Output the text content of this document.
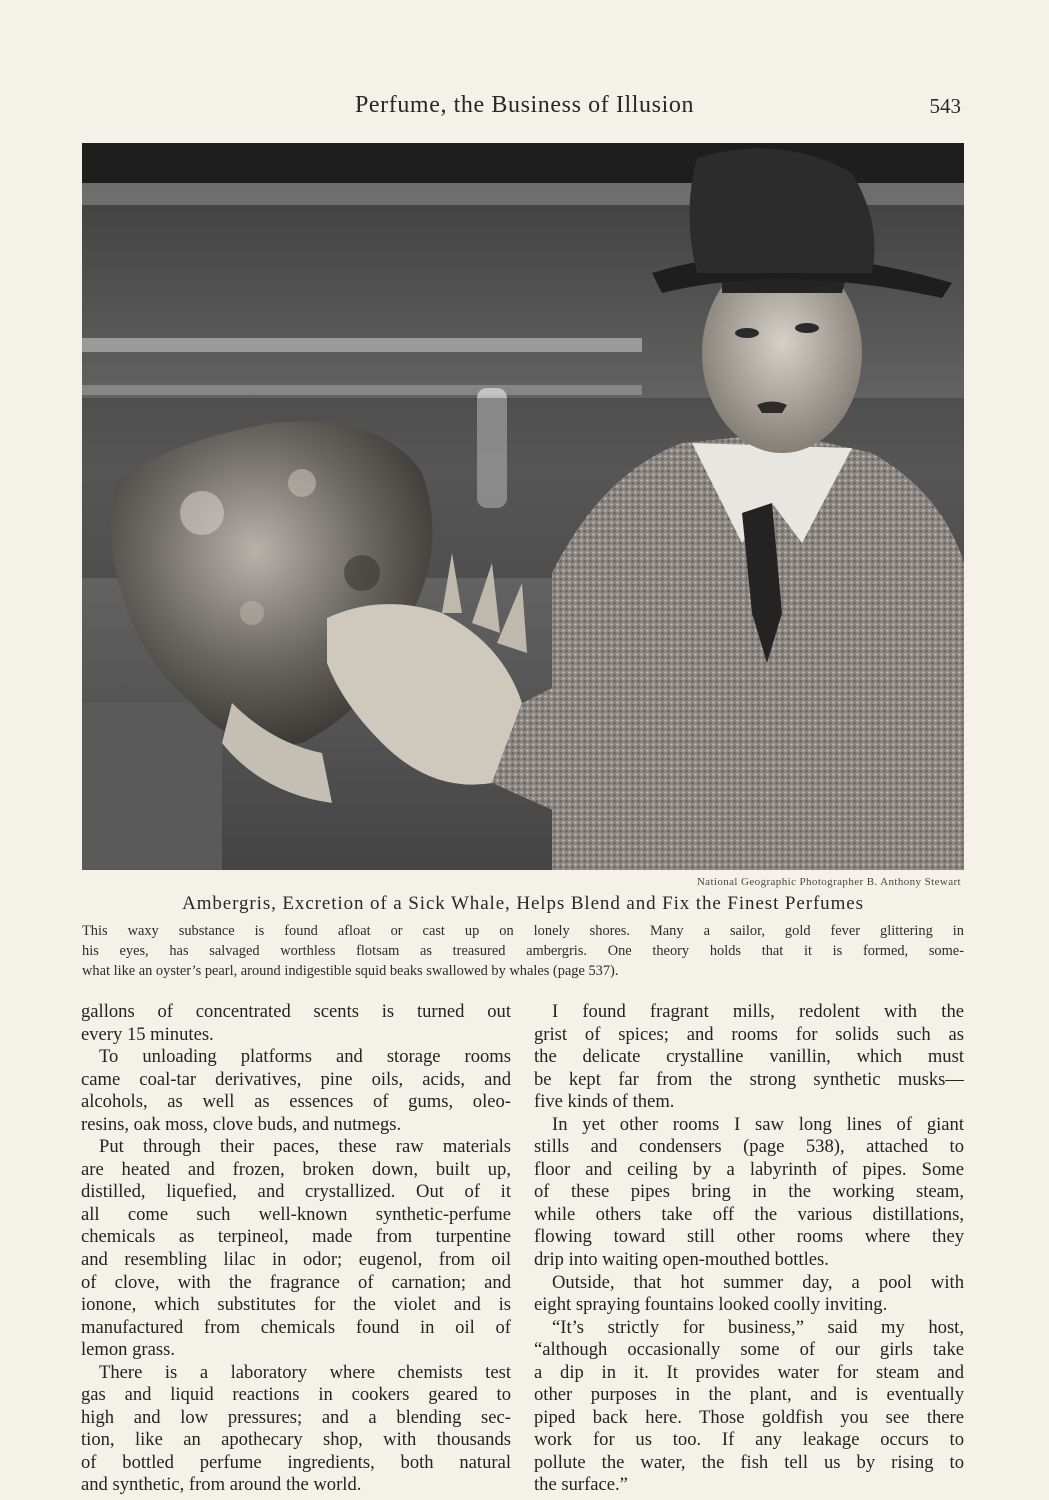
Perfume, the Business of Illusion	543
National Geographic Photographer B. Anthony Stewart
Ambergris, Excretion of a Sick Whale, Helps Blend and Fix the Finest Perfumes
This waxy substance is found afloat or cast up on lonely shores. Many a sailor, gold fever glittering in
his eyes, has salvaged worthless flotsam as treasured ambergris. One theory holds that it is formed, some-
what like an oyster’s pearl, around indigestible squid beaks swallowed by whales (page 537).
gallons of concentrated scents is turned out
every 15 minutes.
To unloading platforms and storage rooms
came coal-tar derivatives, pine oils, acids, and
alcohols, as well as essences of gums, oleo-
resins, oak moss, clove buds, and nutmegs.
Put through their paces, these raw materials
are heated and frozen, broken down, built up,
distilled, liquefied, and crystallized. Out of it
all come such well-known synthetic-perfume
chemicals as terpineol, made from turpentine
and resembling lilac in odor; eugenol, from oil
of clove, with the fragrance of carnation; and
ionone, which substitutes for the violet and is
manufactured from chemicals found in oil of
lemon grass.
There is a laboratory where chemists test
gas and liquid reactions in cookers geared to
high and low pressures; and a blending sec-
tion, like an apothecary shop, with thousands
of bottled perfume ingredients, both natural
and synthetic, from around the world.
I found fragrant mills, redolent with the
grist of spices; and rooms for solids such as
the delicate crystalline vanillin, which must
be kept far from the strong synthetic musks—
five kinds of them.
In yet other rooms I saw long lines of giant
stills and condensers (page 538), attached to
floor and ceiling by a labyrinth of pipes. Some
of these pipes bring in the working steam,
while others take off the various distillations,
flowing toward still other rooms where they
drip into waiting open-mouthed bottles.
Outside, that hot summer day, a pool with
eight spraying fountains looked coolly inviting.
“It’s strictly for business,” said my host,
“although occasionally some of our girls take
a dip in it. It provides water for steam and
other purposes in the plant, and is eventually
piped back here. Those goldfish you see there
work for us too. If any leakage occurs to
pollute the water, the fish tell us by rising to
the surface.”
